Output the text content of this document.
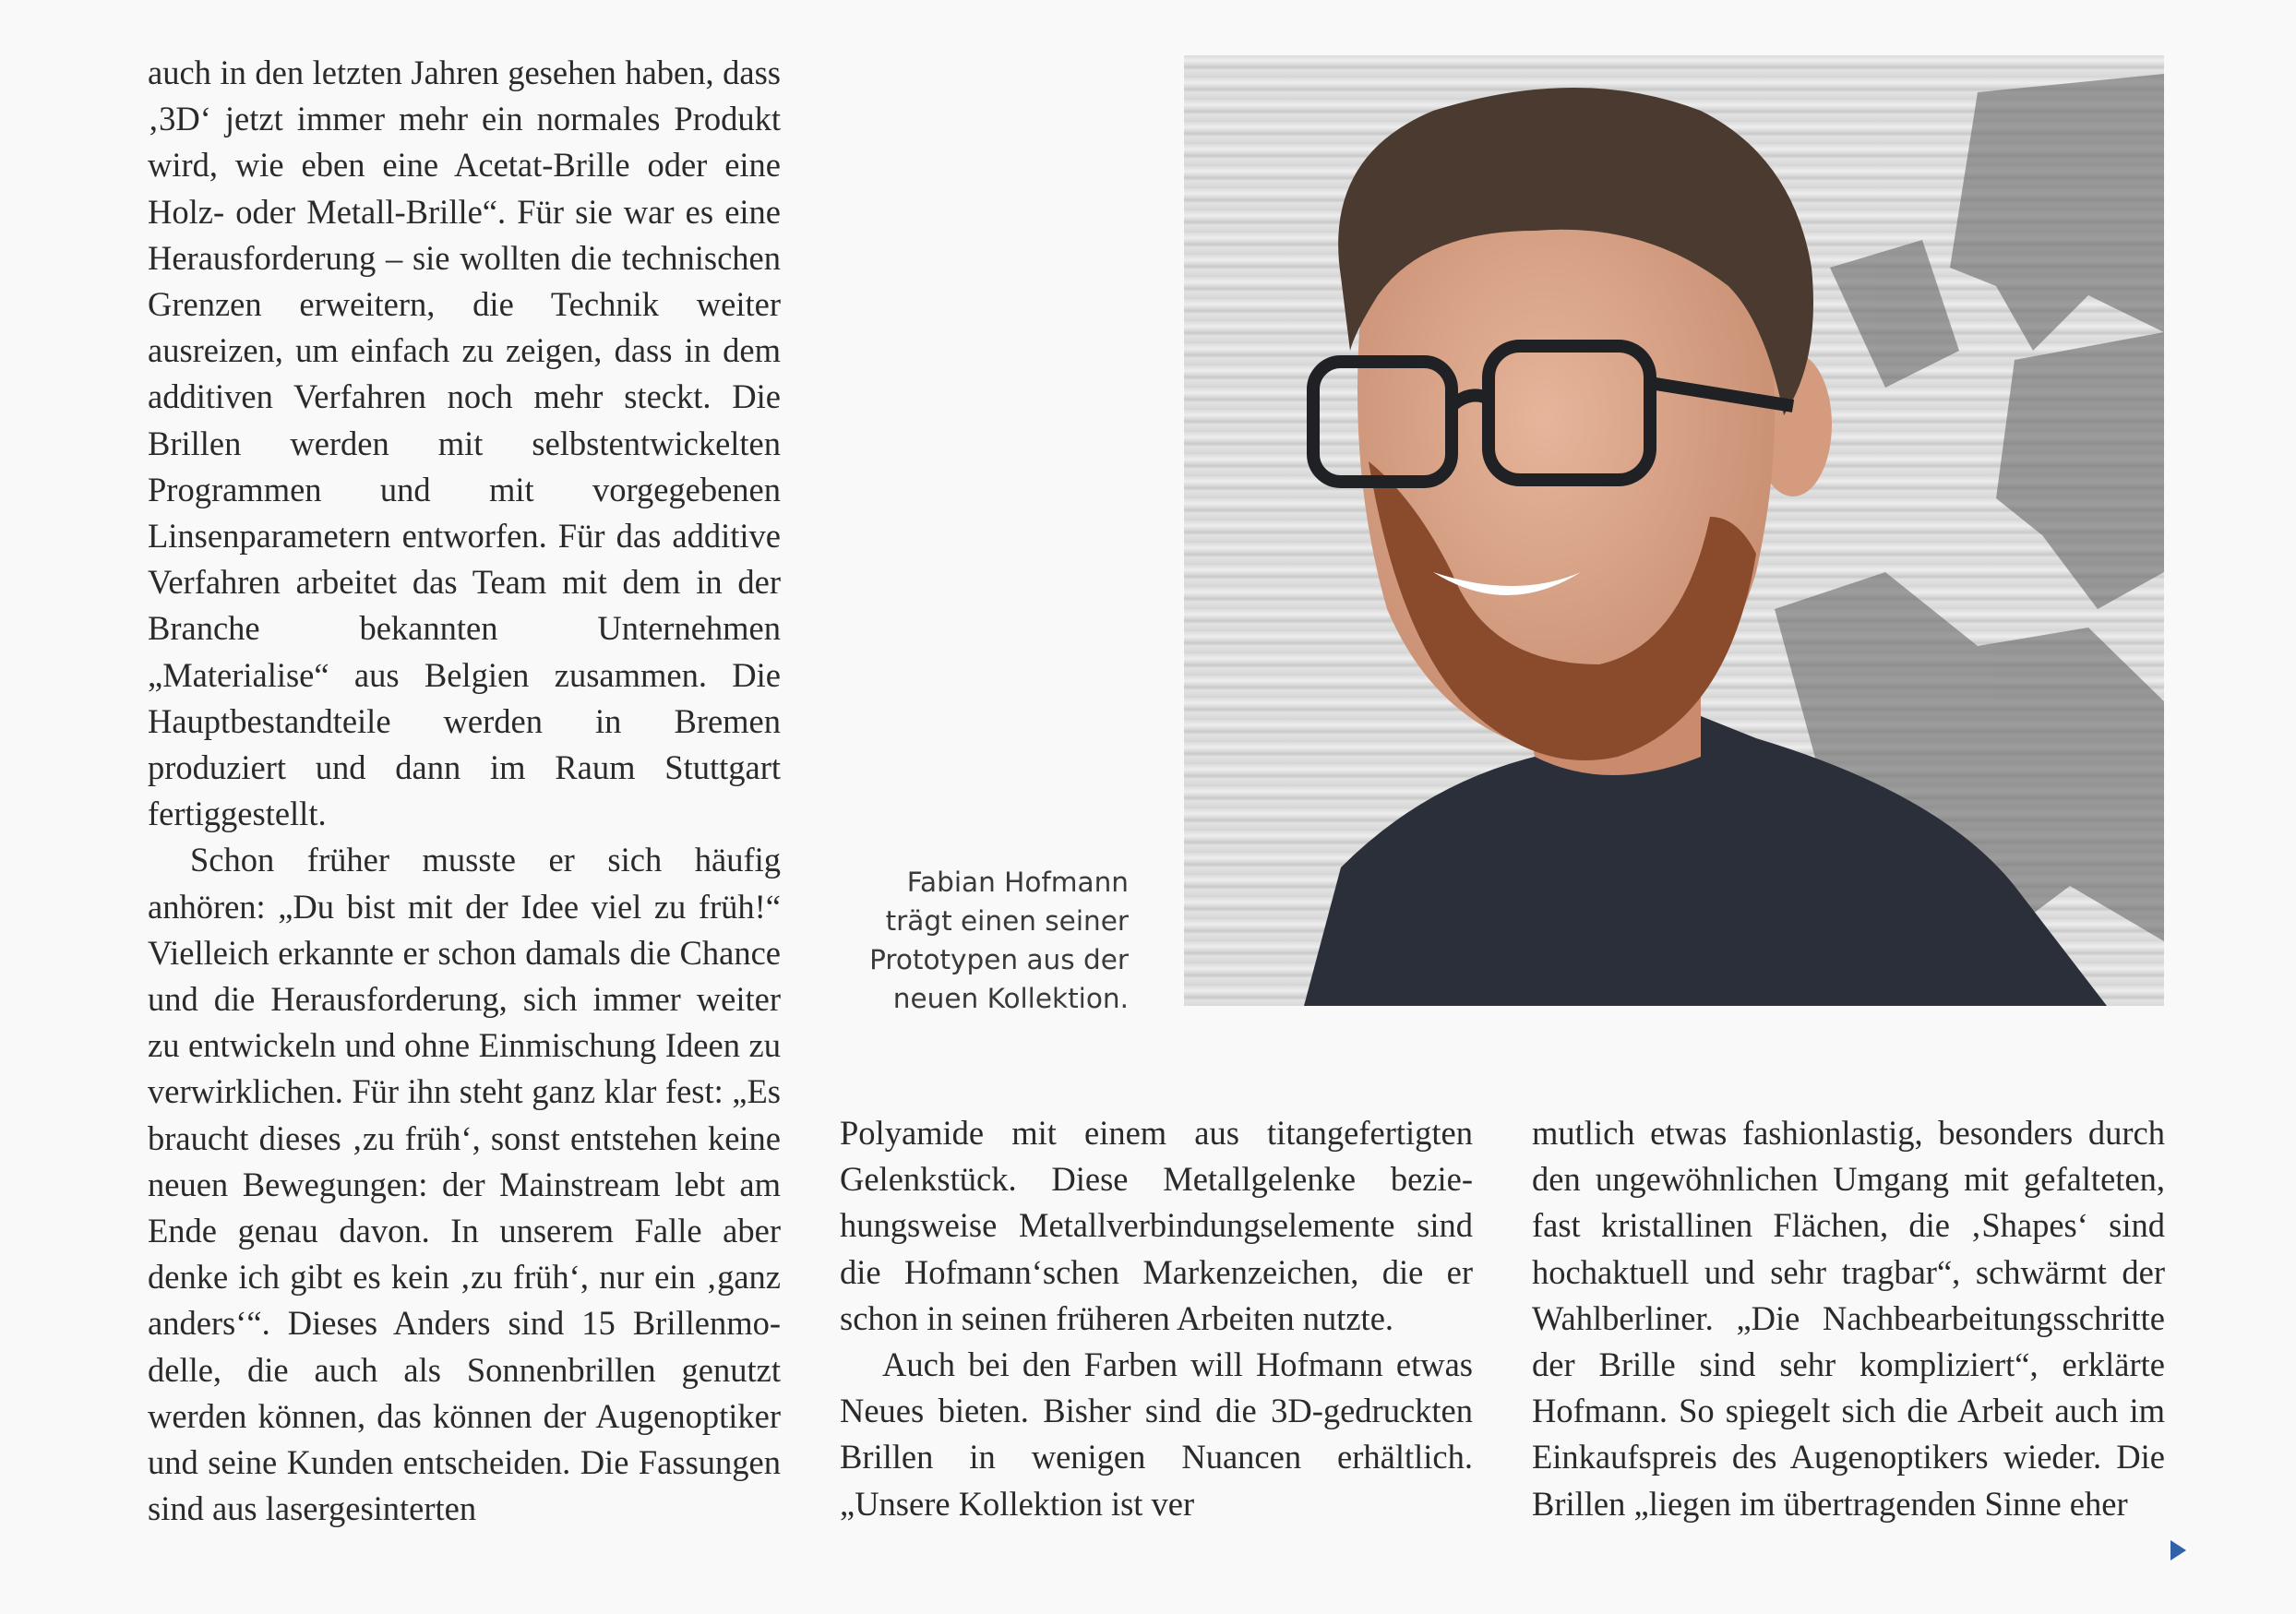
auch in den letzten Jahren gesehen haben, dass ‚3D‘ jetzt immer mehr ein normales Produkt wird, wie eben eine Acetat-Brille oder eine Holz- oder Metall-Brille“. Für sie war es eine Herausforderung – sie wollten die technischen Grenzen erweitern, die Technik weiter ausreizen, um einfach zu zeigen, dass in dem additiven Verfahren noch mehr steckt. Die Brillen werden mit selbstentwickelten Programmen und mit vorgegebenen Linsenparametern entworfen. Für das additive Verfahren arbeitet das Team mit dem in der Branche bekannten Unternehmen „Materialise“ aus Belgien zusammen. Die Hauptbestandteile werden in Bremen produziert und dann im Raum Stuttgart fertiggestellt.

Schon früher musste er sich häufig anhören: „Du bist mit der Idee viel zu früh!“ Vielleich erkannte er schon damals die Chance und die Herausforderung, sich immer weiter zu entwickeln und ohne Einmischung Ideen zu verwirklichen. Für ihn steht ganz klar fest: „Es braucht dieses ‚zu früh‘, sonst entstehen keine neuen Bewegungen: der Mainstream lebt am Ende genau davon. In unserem Falle aber denke ich gibt es kein ‚zu früh‘, nur ein ‚ganz anders‘“. Dieses Anders sind 15 Brillenmodelle, die auch als Sonnenbrillen genutzt werden können, das können der Augenoptiker und seine Kunden entscheiden. Die Fassungen sind aus lasergesinterten

Fabian Hofmann
trägt einen seiner
Prototypen aus der
neuen Kollektion.

Polyamide mit einem aus titangefertigten Gelenkstück. Diese Metallgelenke beziehungsweise Metallverbindungselemente sind die Hofmann‘schen Markenzeichen, die er schon in seinen früheren Arbeiten nutzte.

Auch bei den Farben will Hofmann etwas Neues bieten. Bisher sind die 3D-gedruckten Brillen in wenigen Nuancen erhältlich. „Unsere Kollektion ist ver

mutlich etwas fashionlastig, besonders durch den ungewöhnlichen Umgang mit gefalteten, fast kristallinen Flächen, die ‚Shapes‘ sind hochaktuell und sehr tragbar“, schwärmt der Wahlberliner. „Die Nachbearbeitungsschritte der Brille sind sehr kompliziert“, erklärte Hofmann. So spiegelt sich die Arbeit auch im Einkaufspreis des Augenoptikers wieder. Die Brillen „liegen im übertragenden Sinne eher
